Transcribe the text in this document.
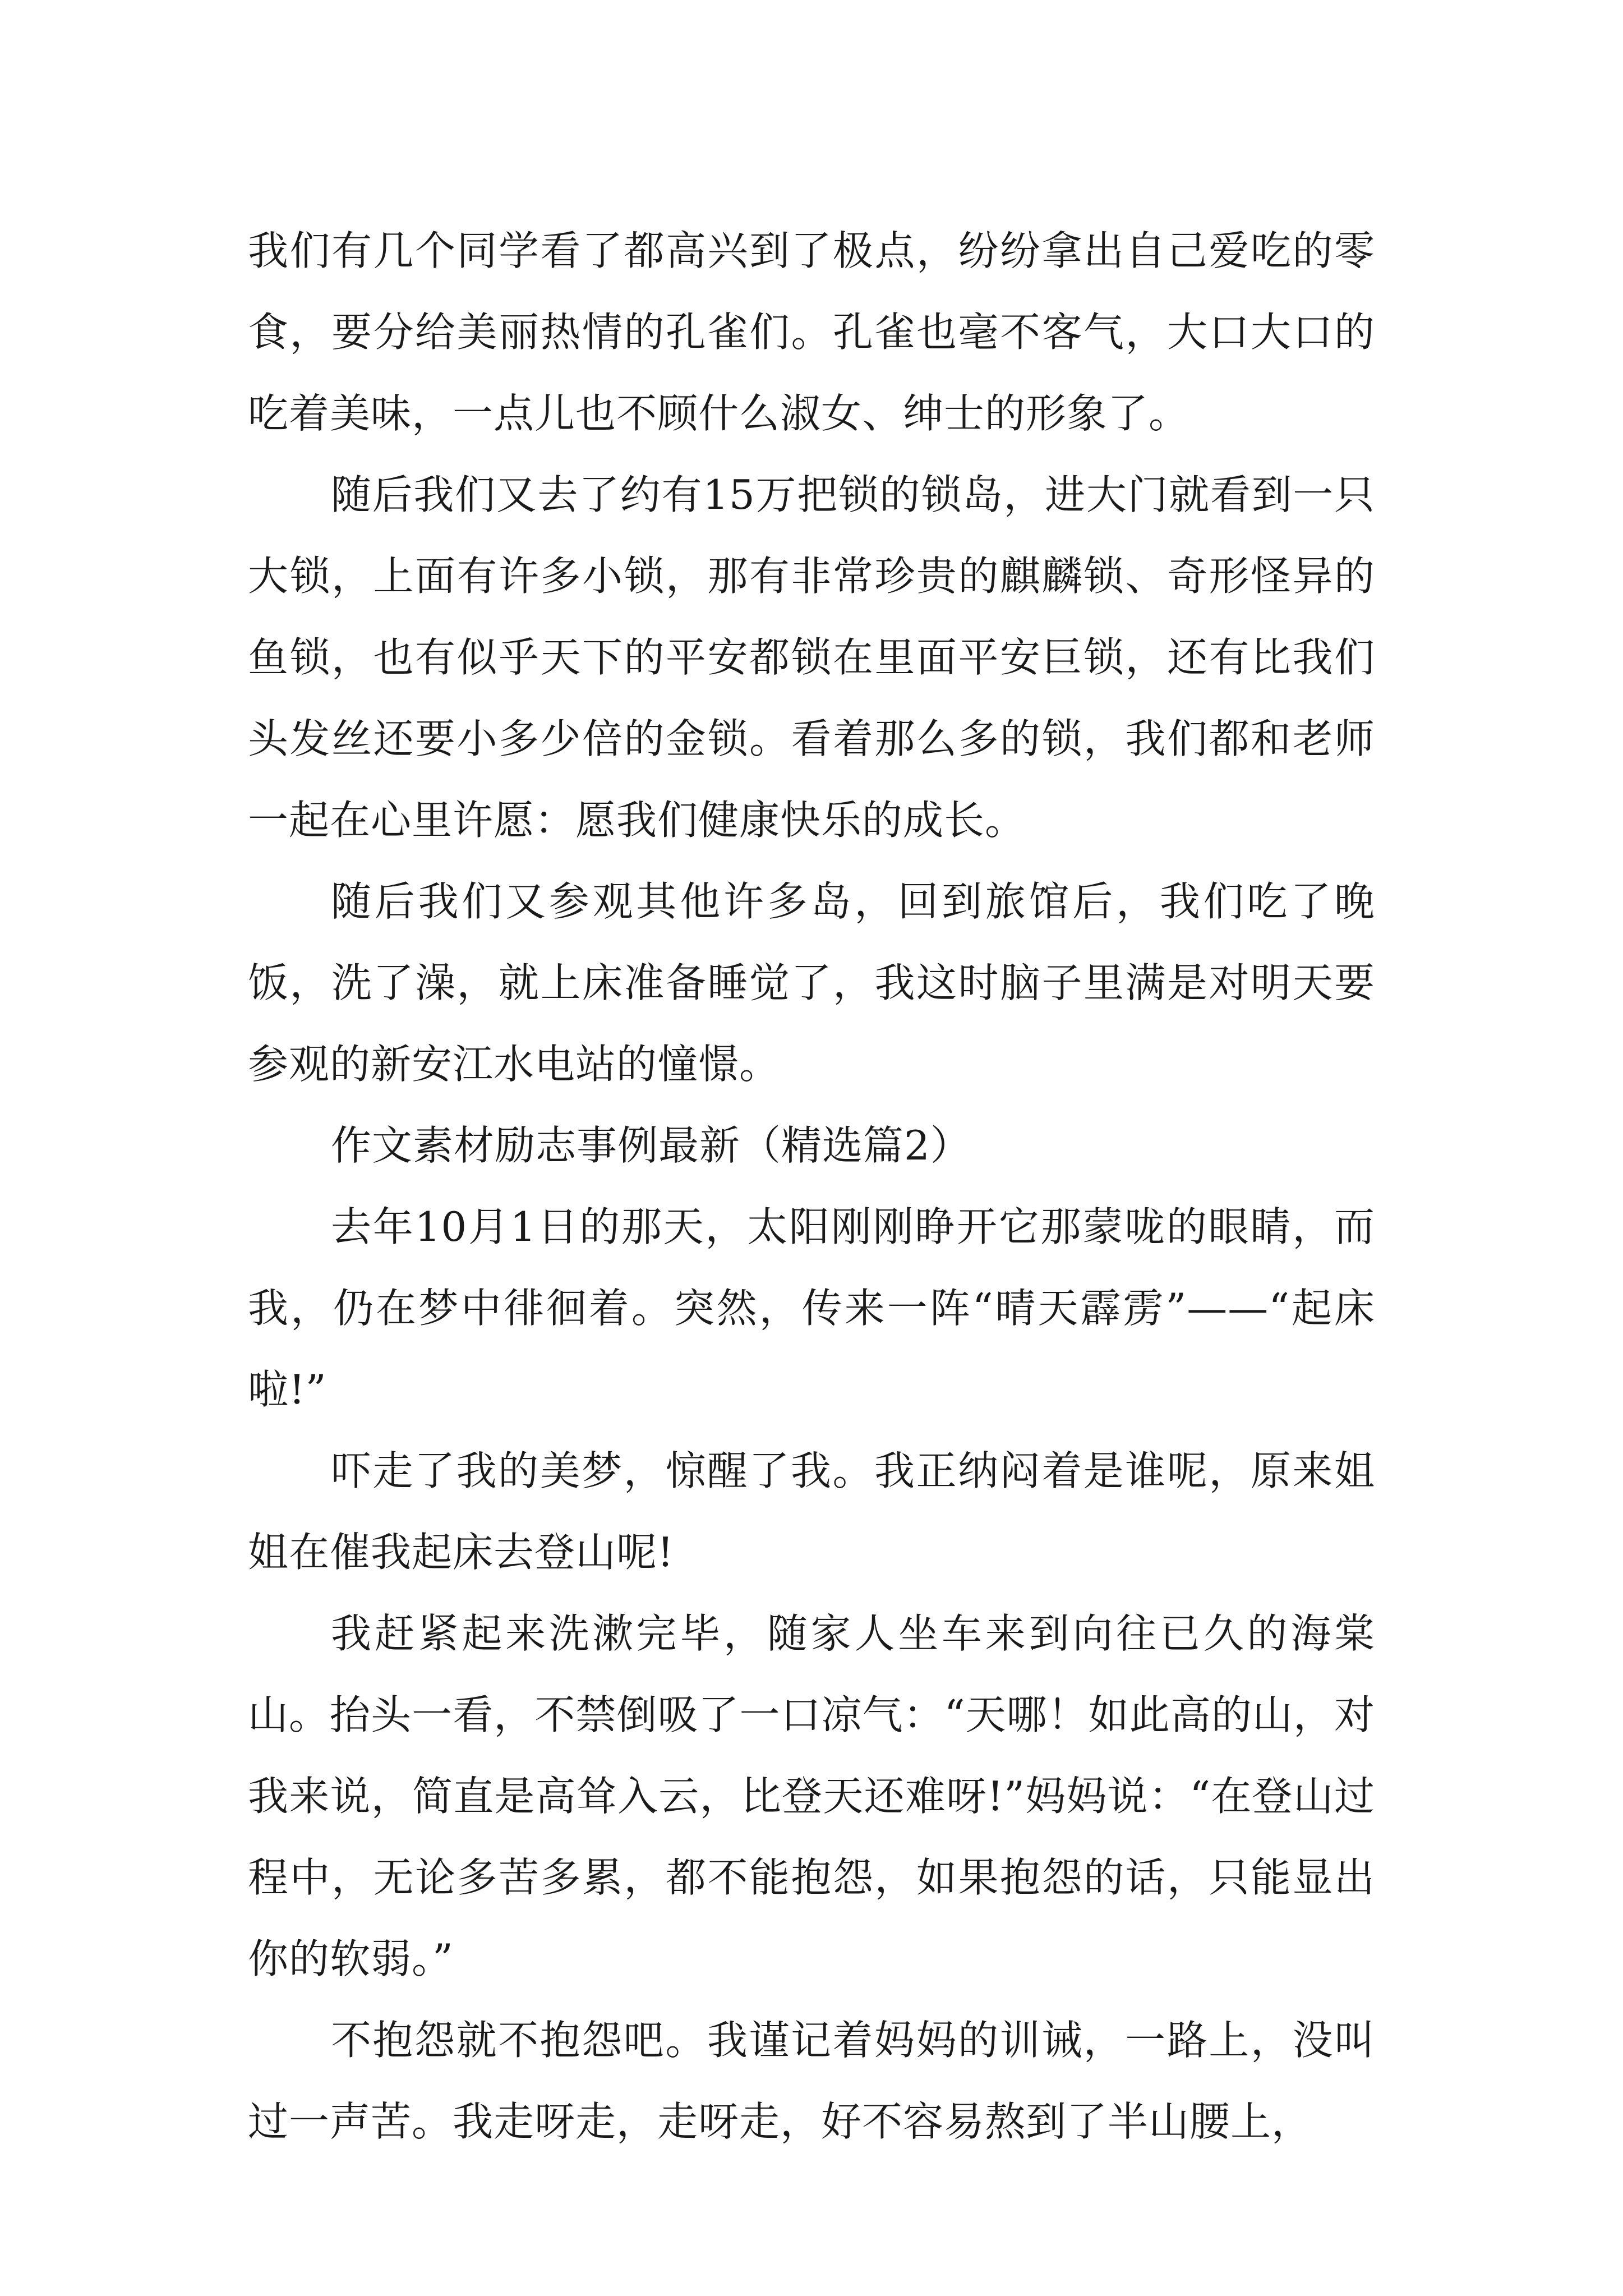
我们有几个同学看了都高兴到了极点，纷纷拿出自己爱吃的零食，要分给美丽热情的孔雀们。孔雀也毫不客气，大口大口的吃着美味，一点儿也不顾什么淑女、绅士的形象了。

随后我们又去了约有15万把锁的锁岛，进大门就看到一只大锁，上面有许多小锁，那有非常珍贵的麒麟锁、奇形怪异的鱼锁，也有似乎天下的平安都锁在里面平安巨锁，还有比我们头发丝还要小多少倍的金锁。看着那么多的锁，我们都和老师一起在心里许愿：愿我们健康快乐的成长。

随后我们又参观其他许多岛，回到旅馆后，我们吃了晚饭，洗了澡，就上床准备睡觉了，我这时脑子里满是对明天要参观的新安江水电站的憧憬。

作文素材励志事例最新（精选篇2）

去年10月1日的那天，太阳刚刚睁开它那蒙咙的眼睛，而我，仍在梦中徘徊着。突然，传来一阵“晴天霹雳”——“起床啦!”

吓走了我的美梦，惊醒了我。我正纳闷着是谁呢，原来姐姐在催我起床去登山呢!

我赶紧起来洗漱完毕，随家人坐车来到向往已久的海棠山。抬头一看，不禁倒吸了一口凉气：“天哪！如此高的山，对我来说，简直是高耸入云，比登天还难呀!”妈妈说：“在登山过程中，无论多苦多累，都不能抱怨，如果抱怨的话，只能显出你的软弱。”

不抱怨就不抱怨吧。我谨记着妈妈的训诫，一路上，没叫过一声苦。我走呀走，走呀走，好不容易熬到了半山腰上，
